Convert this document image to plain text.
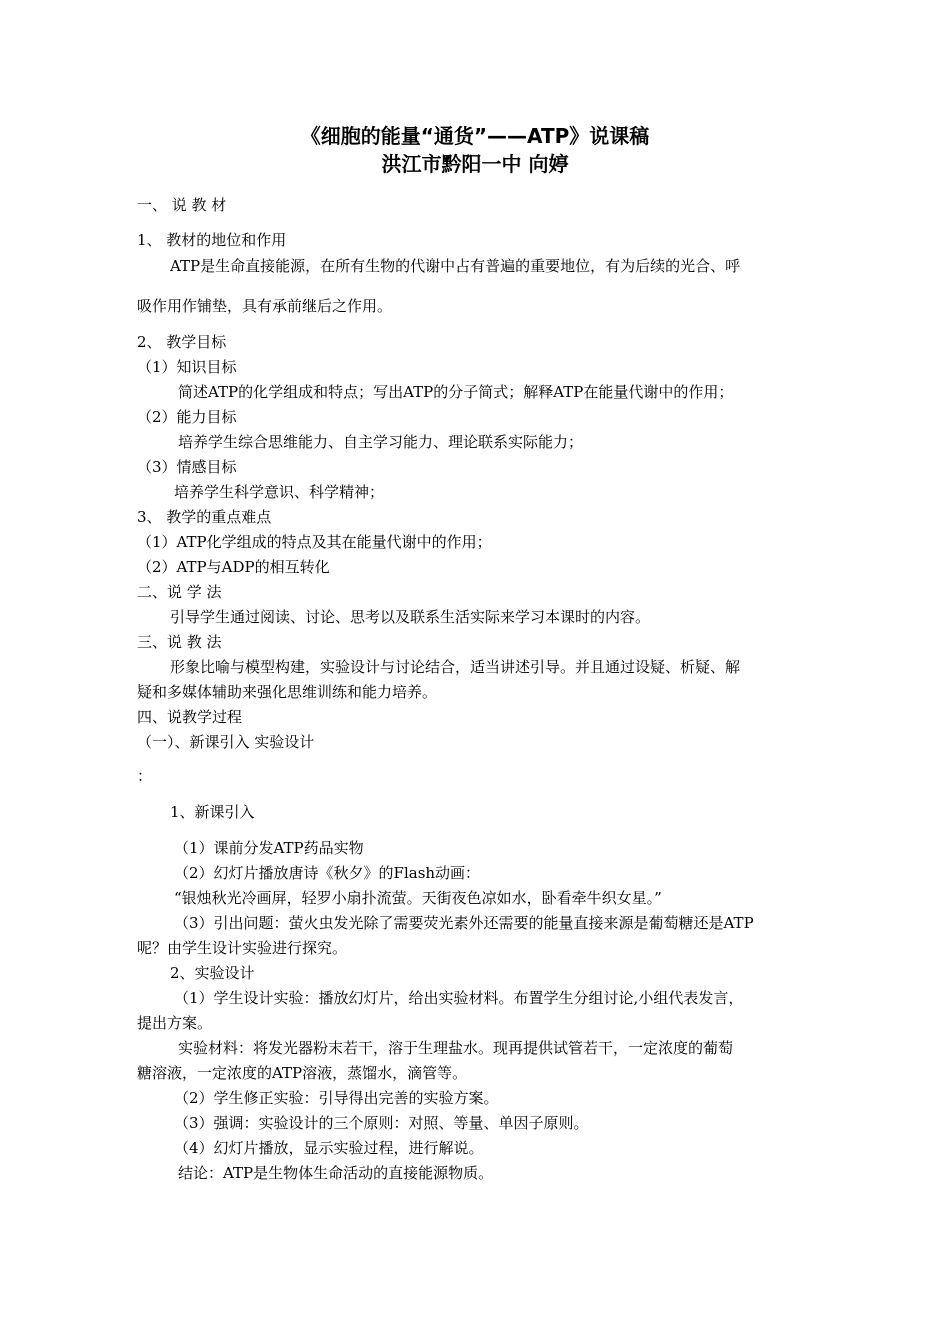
《细胞的能量“通货”——ATP》说课稿
洪江市黔阳一中 向婷
一、 说 教 材
1、 教材的地位和作用
ATP是生命直接能源，在所有生物的代谢中占有普遍的重要地位，有为后续的光合、呼
吸作用作铺垫，具有承前继后之作用。
2、 教学目标
（1）知识目标
简述ATP的化学组成和特点；写出ATP的分子简式；解释ATP在能量代谢中的作用；
（2）能力目标
培养学生综合思维能力、自主学习能力、理论联系实际能力；
（3）情感目标
培养学生科学意识、科学精神；
3、 教学的重点难点
（1）ATP化学组成的特点及其在能量代谢中的作用；
（2）ATP与ADP的相互转化
二、说 学 法
引导学生通过阅读、讨论、思考以及联系生活实际来学习本课时的内容。
三、说 教 法
形象比喻与模型构建，实验设计与讨论结合，适当讲述引导。并且通过设疑、析疑、解
疑和多媒体辅助来强化思维训练和能力培养。
四、说教学过程
（一）、新课引入 实验设计
：
1、新课引入
（1）课前分发ATP药品实物
（2）幻灯片播放唐诗《秋夕》的Flash动画：
“银烛秋光冷画屏，轻罗小扇扑流萤。天街夜色凉如水，卧看牵牛织女星。”
（3）引出问题：萤火虫发光除了需要荧光素外还需要的能量直接来源是葡萄糖还是ATP
呢？由学生设计实验进行探究。
2、实验设计
（1）学生设计实验：播放幻灯片，给出实验材料。布置学生分组讨论,小组代表发言，
提出方案。
实验材料：将发光器粉末若干，溶于生理盐水。现再提供试管若干，一定浓度的葡萄
糖溶液，一定浓度的ATP溶液，蒸馏水，滴管等。
（2）学生修正实验：引导得出完善的实验方案。
（3）强调：实验设计的三个原则：对照、等量、单因子原则。
（4）幻灯片播放，显示实验过程，进行解说。
结论：ATP是生物体生命活动的直接能源物质。
